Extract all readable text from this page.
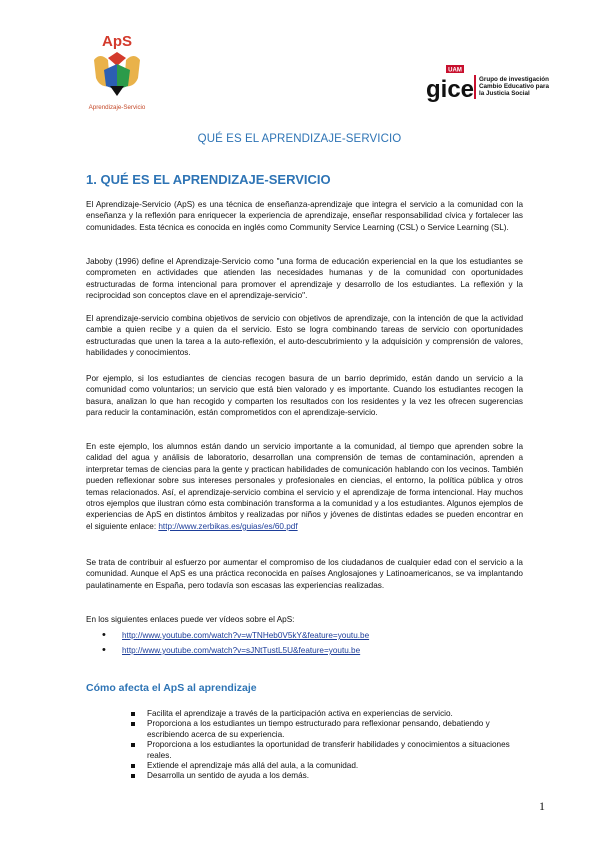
ApS
Aprendizaje-Servicio
UAM
gice Grupo de investigación
Cambio Educativo para
la Justicia Social
QUÉ ES EL APRENDIZAJE-SERVICIO
1. QUÉ ES EL APRENDIZAJE-SERVICIO

El Aprendizaje-Servicio (ApS) es una técnica de enseñanza-aprendizaje que integra el servicio a la comunidad con la enseñanza y la reflexión para enriquecer la experiencia de aprendizaje, enseñar responsabilidad cívica y fortalecer las comunidades. Esta técnica es conocida en inglés como Community Service Learning (CSL) o Service Learning (SL).

Jaboby (1996) define el Aprendizaje-Servicio como "una forma de educación experiencial en la que los estudiantes se comprometen en actividades que atienden las necesidades humanas y de la comunidad con oportunidades estructuradas de forma intencional para promover el aprendizaje y desarrollo de los estudiantes. La reflexión y la reciprocidad son conceptos clave en el aprendizaje-servicio".

El aprendizaje-servicio combina objetivos de servicio con objetivos de aprendizaje, con la intención de que la actividad cambie a quien recibe y a quien da el servicio. Esto se logra combinando tareas de servicio con oportunidades estructuradas que unen la tarea a la auto-reflexión, el auto-descubrimiento y la adquisición y comprensión de valores, habilidades y conocimientos.

Por ejemplo, si los estudiantes de ciencias recogen basura de un barrio deprimido, están dando un servicio a la comunidad como voluntarios; un servicio que está bien valorado y es importante. Cuando los estudiantes recogen la basura, analizan lo que han recogido y comparten los resultados con los residentes y la vez les ofrecen sugerencias para reducir la contaminación, están comprometidos con el aprendizaje-servicio.

En este ejemplo, los alumnos están dando un servicio importante a la comunidad, al tiempo que aprenden sobre la calidad del agua y análisis de laboratorio, desarrollan una comprensión de temas de contaminación, aprenden a interpretar temas de ciencias para la gente y practican habilidades de comunicación hablando con los vecinos. También pueden reflexionar sobre sus intereses personales y profesionales en ciencias, el entorno, la política pública y otros temas relacionados. Así, el aprendizaje-servicio combina el servicio y el aprendizaje de forma intencional. Hay muchos otros ejemplos que ilustran cómo esta combinación transforma a la comunidad y a los estudiantes. Algunos ejemplos de experiencias de ApS en distintos ámbitos y realizadas por niños y jóvenes de distintas edades se pueden encontrar en el siguiente enlace: http://www.zerbikas.es/guias/es/60.pdf

Se trata de contribuir al esfuerzo por aumentar el compromiso de los ciudadanos de cualquier edad con el servicio a la comunidad. Aunque el ApS es una práctica reconocida en países Anglosajones y Latinoamericanos, se va implantando paulatinamente en España, pero todavía son escasas las experiencias realizadas.

En los siguientes enlaces puede ver vídeos sobre el ApS:

• http://www.youtube.com/watch?v=wTNHeb0V5kY&feature=youtu.be
• http://www.youtube.com/watch?v=sJNtTustL5U&feature=youtu.be
Cómo afecta el ApS al aprendizaje
Facilita el aprendizaje a través de la participación activa en experiencias de servicio.
Proporciona a los estudiantes un tiempo estructurado para reflexionar pensando, debatiendo y escribiendo acerca de su experiencia.
Proporciona a los estudiantes la oportunidad de transferir habilidades y conocimientos a situaciones reales.
Extiende el aprendizaje más allá del aula, a la comunidad.
Desarrolla un sentido de ayuda a los demás.
1
